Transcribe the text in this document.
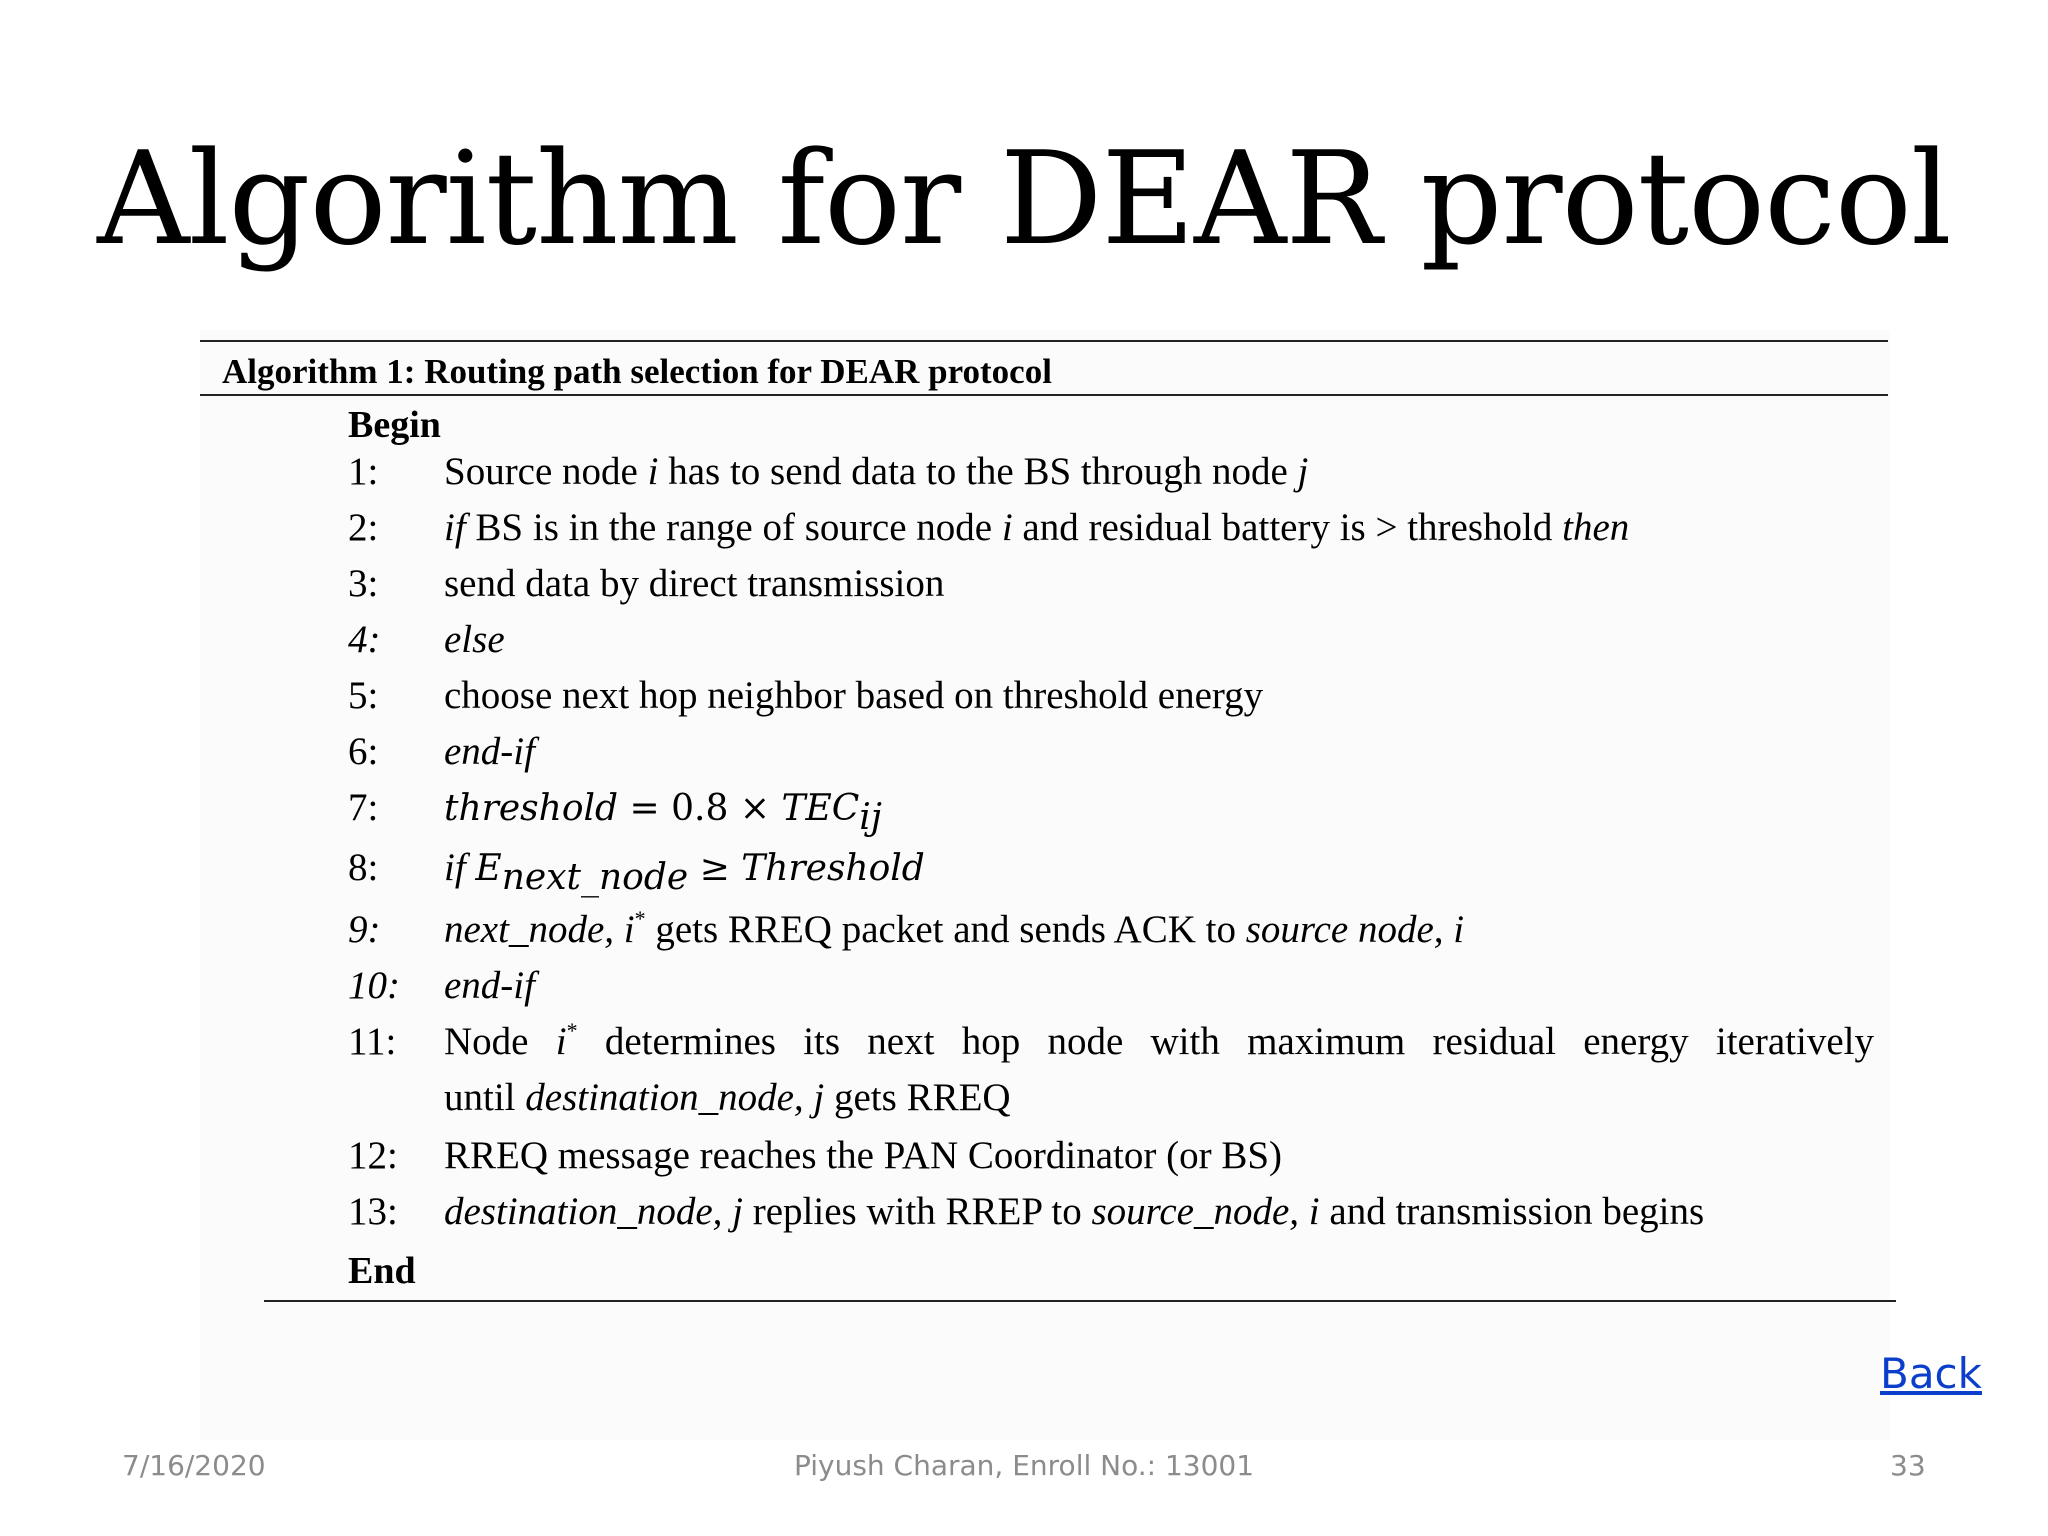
Algorithm for DEAR protocol
Algorithm 1: Routing path selection for DEAR protocol
Begin
1: Source node i has to send data to the BS through node j
2: if BS is in the range of source node i and residual battery is > threshold then
3: send data by direct transmission
4: else
5: choose next hop neighbor based on threshold energy
6: end-if
7: threshold = $0.8 \times TEC_{ij}$
8: if $E_{next\_node}$ ≥ Threshold
9: next_node, i* gets RREQ packet and sends ACK to source node, i
10: end-if
11: Node i* determines its next hop node with maximum residual energy iteratively
until destination_node, j gets RREQ
12: RREQ message reaches the PAN Coordinator (or BS)
13: destination_node, j replies with RREP to source_node, i and transmission begins
End
Back
7/16/2020	Piyush Charan, Enroll No.: 13001	33
